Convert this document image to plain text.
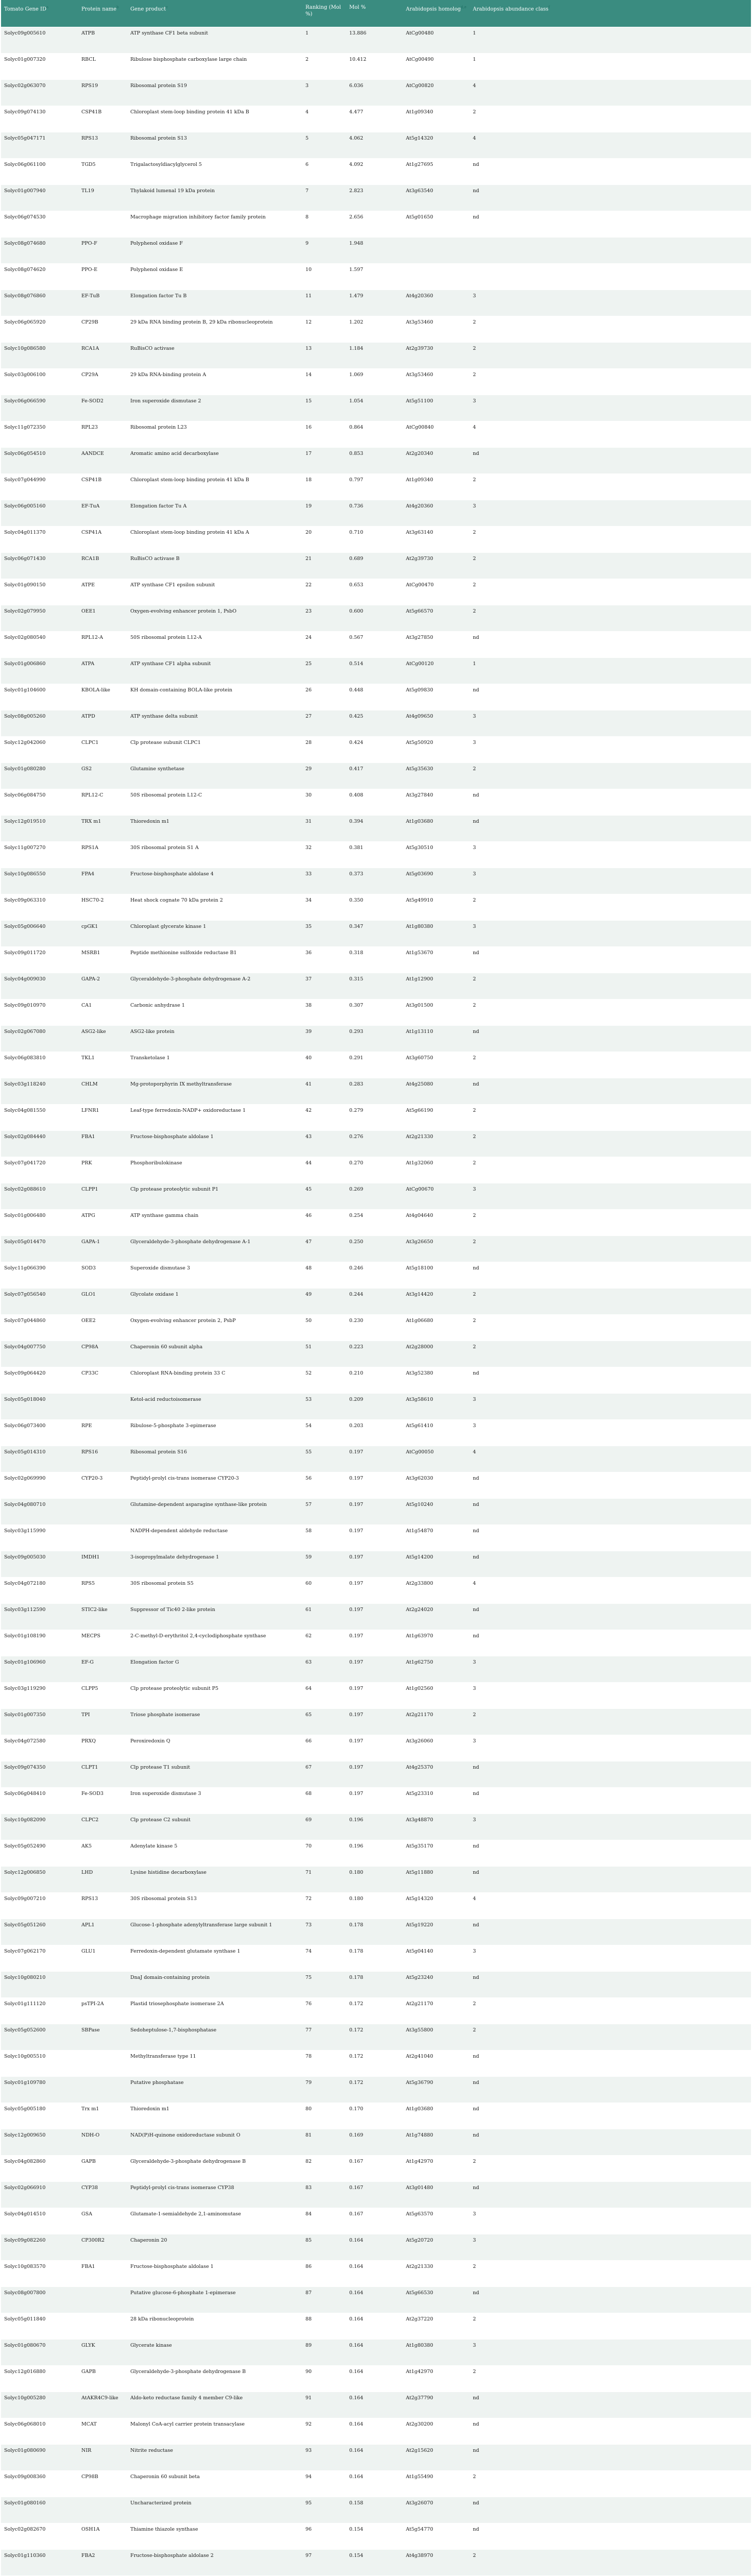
Tomato Gene $ID^a$	Protein name$^b$	Gene product$^c$	Ranking (Mol %)	Mol %	Arabidopsis homolog$^{d,e}$	Arabidopsis abundance class$^f$
Solyc09g005610	ATPB	ATP synthase CF1 beta subunit	1	13.886	AtCg00480	1
Solyc01g007320	RBCL	Ribulose bisphosphate carboxylase large chain	2	10.412	AtCg00490	1
Solyc02g063070	RPS19	Ribosomal protein S19	3	6.036	AtCg00820	4
Solyc09g074130	CSP41B	Chloroplast stem-loop binding protein 41 kDa B	4	4.477	At1g09340	2
Solyc05g047171	RPS13	Ribosomal protein S13	5	4.062	At5g14320	4
Solyc06g061100	TGD5	Trigalactosyldiacylglycerol 5	6	4.092	At1g27695	nd
Solyc01g007940	TL19	Thylakoid lumenal 19 kDa protein	7	2.823	At3g63540	nd
Solyc06g074530		Macrophage migration inhibitory factor family protein	8	2.656	At5g01650	nd
Solyc08g074680	PPO-F	Polyphenol oxidase F	9	1.948		
Solyc08g074620	PPO-E	Polyphenol oxidase E	10	1.597		
Solyc08g076860	EF-TuB	Elongation factor Tu B	11	1.479	At4g20360	3
Solyc06g065920	CP29B	29 kDa RNA binding protein B, 29 kDa ribonucleoprotein	12	1.202	At3g53460	2
Solyc10g086580	RCA1A	RuBisCO activase	13	1.184	At2g39730	2
Solyc03g006100	CP29A	29 kDa RNA-binding protein A	14	1.069	At3g53460	2
Solyc06g066590	Fe-SOD2	Iron superoxide dismutase 2	15	1.054	At5g51100	3
Solyc11g072350	RPL23	Ribosomal protein L23	16	0.864	AtCg00840	4
Solyc06g054510	AANDCE	Aromatic amino acid decarboxylase	17	0.853	At2g20340	nd
Solyc07g044990	CSP41B	Chloroplast stem-loop binding protein 41 kDa B	18	0.797	At1g09340	2
Solyc06g005160	EF-TuA	Elongation factor Tu A	19	0.736	At4g20360	3
Solyc04g011370	CSP41A	Chloroplast stem-loop binding protein 41 kDa A	20	0.710	At3g63140	2
Solyc06g071430	RCA1B	RuBisCO activase B	21	0.689	At2g39730	2
Solyc01g090150	ATPE	ATP synthase CF1 epsilon subunit	22	0.653	AtCg00470	2
Solyc02g079950	OEE1	Oxygen-evolving enhancer protein 1, PsbO	23	0.600	At5g66570	2
Solyc02g080540	RPL12-A	50S ribosomal protein L12-A	24	0.567	At3g27850	nd
Solyc01g006860	ATPA	ATP synthase CF1 alpha subunit	25	0.514	AtCg00120	1
Solyc01g104600	KBOLA-like	KH domain-containing BOLA-like protein	26	0.448	At5g09830	nd
Solyc08g005260	ATPD	ATP synthase delta subunit	27	0.425	At4g09650	3
Solyc12g042060	CLPC1	Clp protease subunit CLPC1	28	0.424	At5g50920	3
Solyc01g080280	GS2	Glutamine synthetase	29	0.417	At5g35630	2
Solyc06g084750	RPL12-C	50S ribosomal protein L12-C	30	0.408	At3g27840	nd
Solyc12g019510	TRX m1	Thioredoxin m1	31	0.394	At1g03680	nd
Solyc11g007270	RPS1A	30S ribosomal protein S1 A	32	0.381	At5g30510	3
Solyc10g086550	FPA4	Fructose-bisphosphate aldolase 4	33	0.373	At5g03690	3
Solyc09g063310	HSC70-2	Heat shock cognate 70 kDa protein 2	34	0.350	At5g49910	2
Solyc05g006640	cpGK1	Chloroplast glycerate kinase 1	35	0.347	At1g80380	3
Solyc09g011720	MSRB1	Peptide methionine sulfoxide reductase B1	36	0.318	At1g53670	nd
Solyc04g009030	GAPA-2	Glyceraldehyde-3-phosphate dehydrogenase A-2	37	0.315	At1g12900	2
Solyc09g010970	CA1	Carbonic anhydrase 1	38	0.307	At3g01500	2
Solyc02g067080	ASG2-like	ASG2-like protein	39	0.293	At1g13110	nd
Solyc06g083810	TKL1	Transketolase 1	40	0.291	At3g60750	2
Solyc03g118240	CHLM	Mg-protoporphyrin IX methyltransferase	41	0.283	At4g25080	nd
Solyc04g081550	LFNR1	Leaf-type ferredoxin-NADP+ oxidoreductase 1	42	0.279	At5g66190	2
Solyc02g084440	FBA1	Fructose-bisphosphate aldolase 1	43	0.276	At2g21330	2
Solyc07g041720	PRK	Phosphoribulokinase	44	0.270	At1g32060	2
Solyc02g088610	CLPP1	Clp protease proteolytic subunit P1	45	0.269	AtCg00670	3
Solyc01g006480	ATPG	ATP synthase gamma chain	46	0.254	At4g04640	2
Solyc05g014470	GAPA-1	Glyceraldehyde-3-phosphate dehydrogenase A-1	47	0.250	At3g26650	2
Solyc11g066390	SOD3	Superoxide dismutase 3	48	0.246	At5g18100	nd
Solyc07g056540	GLO1	Glycolate oxidase 1	49	0.244	At3g14420	2
Solyc07g044860	OEE2	Oxygen-evolving enhancer protein 2, PsbP	50	0.230	At1g06680	2
Solyc04g007750	CP98A	Chaperonin 60 subunit alpha	51	0.223	At2g28000	2
Solyc09g064420	CP33C	Chloroplast RNA-binding protein 33 C	52	0.210	At3g52380	nd
Solyc05g018040		Ketol-acid reductoisomerase	53	0.209	At3g58610	3
Solyc06g073400	RPE	Ribulose-5-phosphate 3-epimerase	54	0.203	At5g61410	3
Solyc05g014310	RPS16	Ribosomal protein S16	55	0.197	AtCg00050	4
Solyc02g069990	CYP20-3	Peptidyl-prolyl cis-trans isomerase CYP20-3	56	0.197	At3g62030	nd
Solyc04g080710		Glutamine-dependent asparagine synthase-like protein	57	0.197	At5g10240	nd
Solyc03g115990		NADPH-dependent aldehyde reductase	58	0.197	At1g54870	nd
Solyc09g005030	IMDH1	3-isopropylmalate dehydrogenase 1	59	0.197	At5g14200	nd
Solyc04g072180	RPS5	30S ribosomal protein S5	60	0.197	At2g33800	4
Solyc03g112590	STIC2-like	Suppressor of Tic40 2-like protein	61	0.197	At2g24020	nd
Solyc01g108190	MECPS	2-C-methyl-D-erythritol 2,4-cyclodiphosphate synthase	62	0.197	At1g63970	nd
Solyc01g106960	EF-G	Elongation factor G	63	0.197	At1g62750	3
Solyc03g119290	CLPP5	Clp protease proteolytic subunit P5	64	0.197	At1g02560	3
Solyc01g007350	TPI	Triose phosphate isomerase	65	0.197	At2g21170	2
Solyc04g072580	PRXQ	Peroxiredoxin Q	66	0.197	At3g26060	3
Solyc09g074350	CLPT1	Clp protease T1 subunit	67	0.197	At4g25370	nd
Solyc06g048410	Fe-SOD3	Iron superoxide dismutase 3	68	0.197	At5g23310	nd
Solyc10g082090	CLPC2	Clp protease C2 subunit	69	0.196	At3g48870	3
Solyc05g052490	AK5	Adenylate kinase 5	70	0.196	At5g35170	nd
Solyc12g006850	LHD	Lysine histidine decarboxylase	71	0.180	At5g11880	nd
Solyc09g007210	RPS13	30S ribosomal protein S13	72	0.180	At5g14320	4
Solyc05g051260	APL1	Glucose-1-phosphate adenylyltransferase large subunit 1	73	0.178	At5g19220	nd
Solyc07g062170	GLU1	Ferredoxin-dependent glutamate synthase 1	74	0.178	At5g04140	3
Solyc10g080210		DnaJ domain-containing protein	75	0.178	At5g23240	nd
Solyc01g111120	psTPI-2A	Plastid triosephosphate isomerase 2A	76	0.172	At2g21170	2
Solyc05g052600	SBPase	Sedoheptulose-1,7-bisphosphatase	77	0.172	At3g55800	2
Solyc10g005510		Methyltransferase type 11	78	0.172	At2g41040	nd
Solyc01g109780		Putative phosphatase	79	0.172	At5g36790	nd
Solyc05g005180	Trx m1	Thioredoxin m1	80	0.170	At1g03680	nd
Solyc12g009650	NDH-O	NAD(P)H-quinone oxidoreductase subunit O	81	0.169	At1g74880	nd
Solyc04g082860	GAPB	Glyceraldehyde-3-phosphate dehydrogenase B	82	0.167	At1g42970	2
Solyc02g066910	CYP38	Peptidyl-prolyl cis-trans isomerase CYP38	83	0.167	At3g01480	nd
Solyc04g014510	GSA	Glutamate-1-semialdehyde 2,1-aminomutase	84	0.167	At5g63570	3
Solyc09g082260	CP300R2	Chaperonin 20	85	0.164	At5g20720	3
Solyc10g083570	FBA1	Fructose-bisphosphate aldolase 1	86	0.164	At2g21330	2
Solyc08g007800		Putative glucose-6-phosphate 1-epimerase	87	0.164	At5g66530	nd
Solyc05g011840		28 kDa ribonucleoprotein	88	0.164	At2g37220	2
Solyc01g080670	GLYK	Glycerate kinase	89	0.164	At1g80380	3
Solyc12g016880	GAPB	Glyceraldehyde-3-phosphate dehydrogenase B	90	0.164	At1g42970	2
Solyc10g005280	AtAKR4C9-like	Aldo-keto reductase family 4 member C9-like	91	0.164	At2g37790	nd
Solyc06g068010	MCAT	Malonyl CoA-acyl carrier protein transacylase	92	0.164	At2g30200	nd
Solyc01g080690	NIR	Nitrite reductase	93	0.164	At2g15620	nd
Solyc09g008360	CP98B	Chaperonin 60 subunit beta	94	0.164	At1g55490	2
Solyc01g080160		Uncharacterized protein	95	0.158	At3g26070	nd
Solyc02g082670	OSH1A	Thiamine thiazole synthase	96	0.154	At5g54770	nd
Solyc01g110360	FBA2	Fructose-bisphosphate aldolase 2	97	0.154	At4g38970	2
